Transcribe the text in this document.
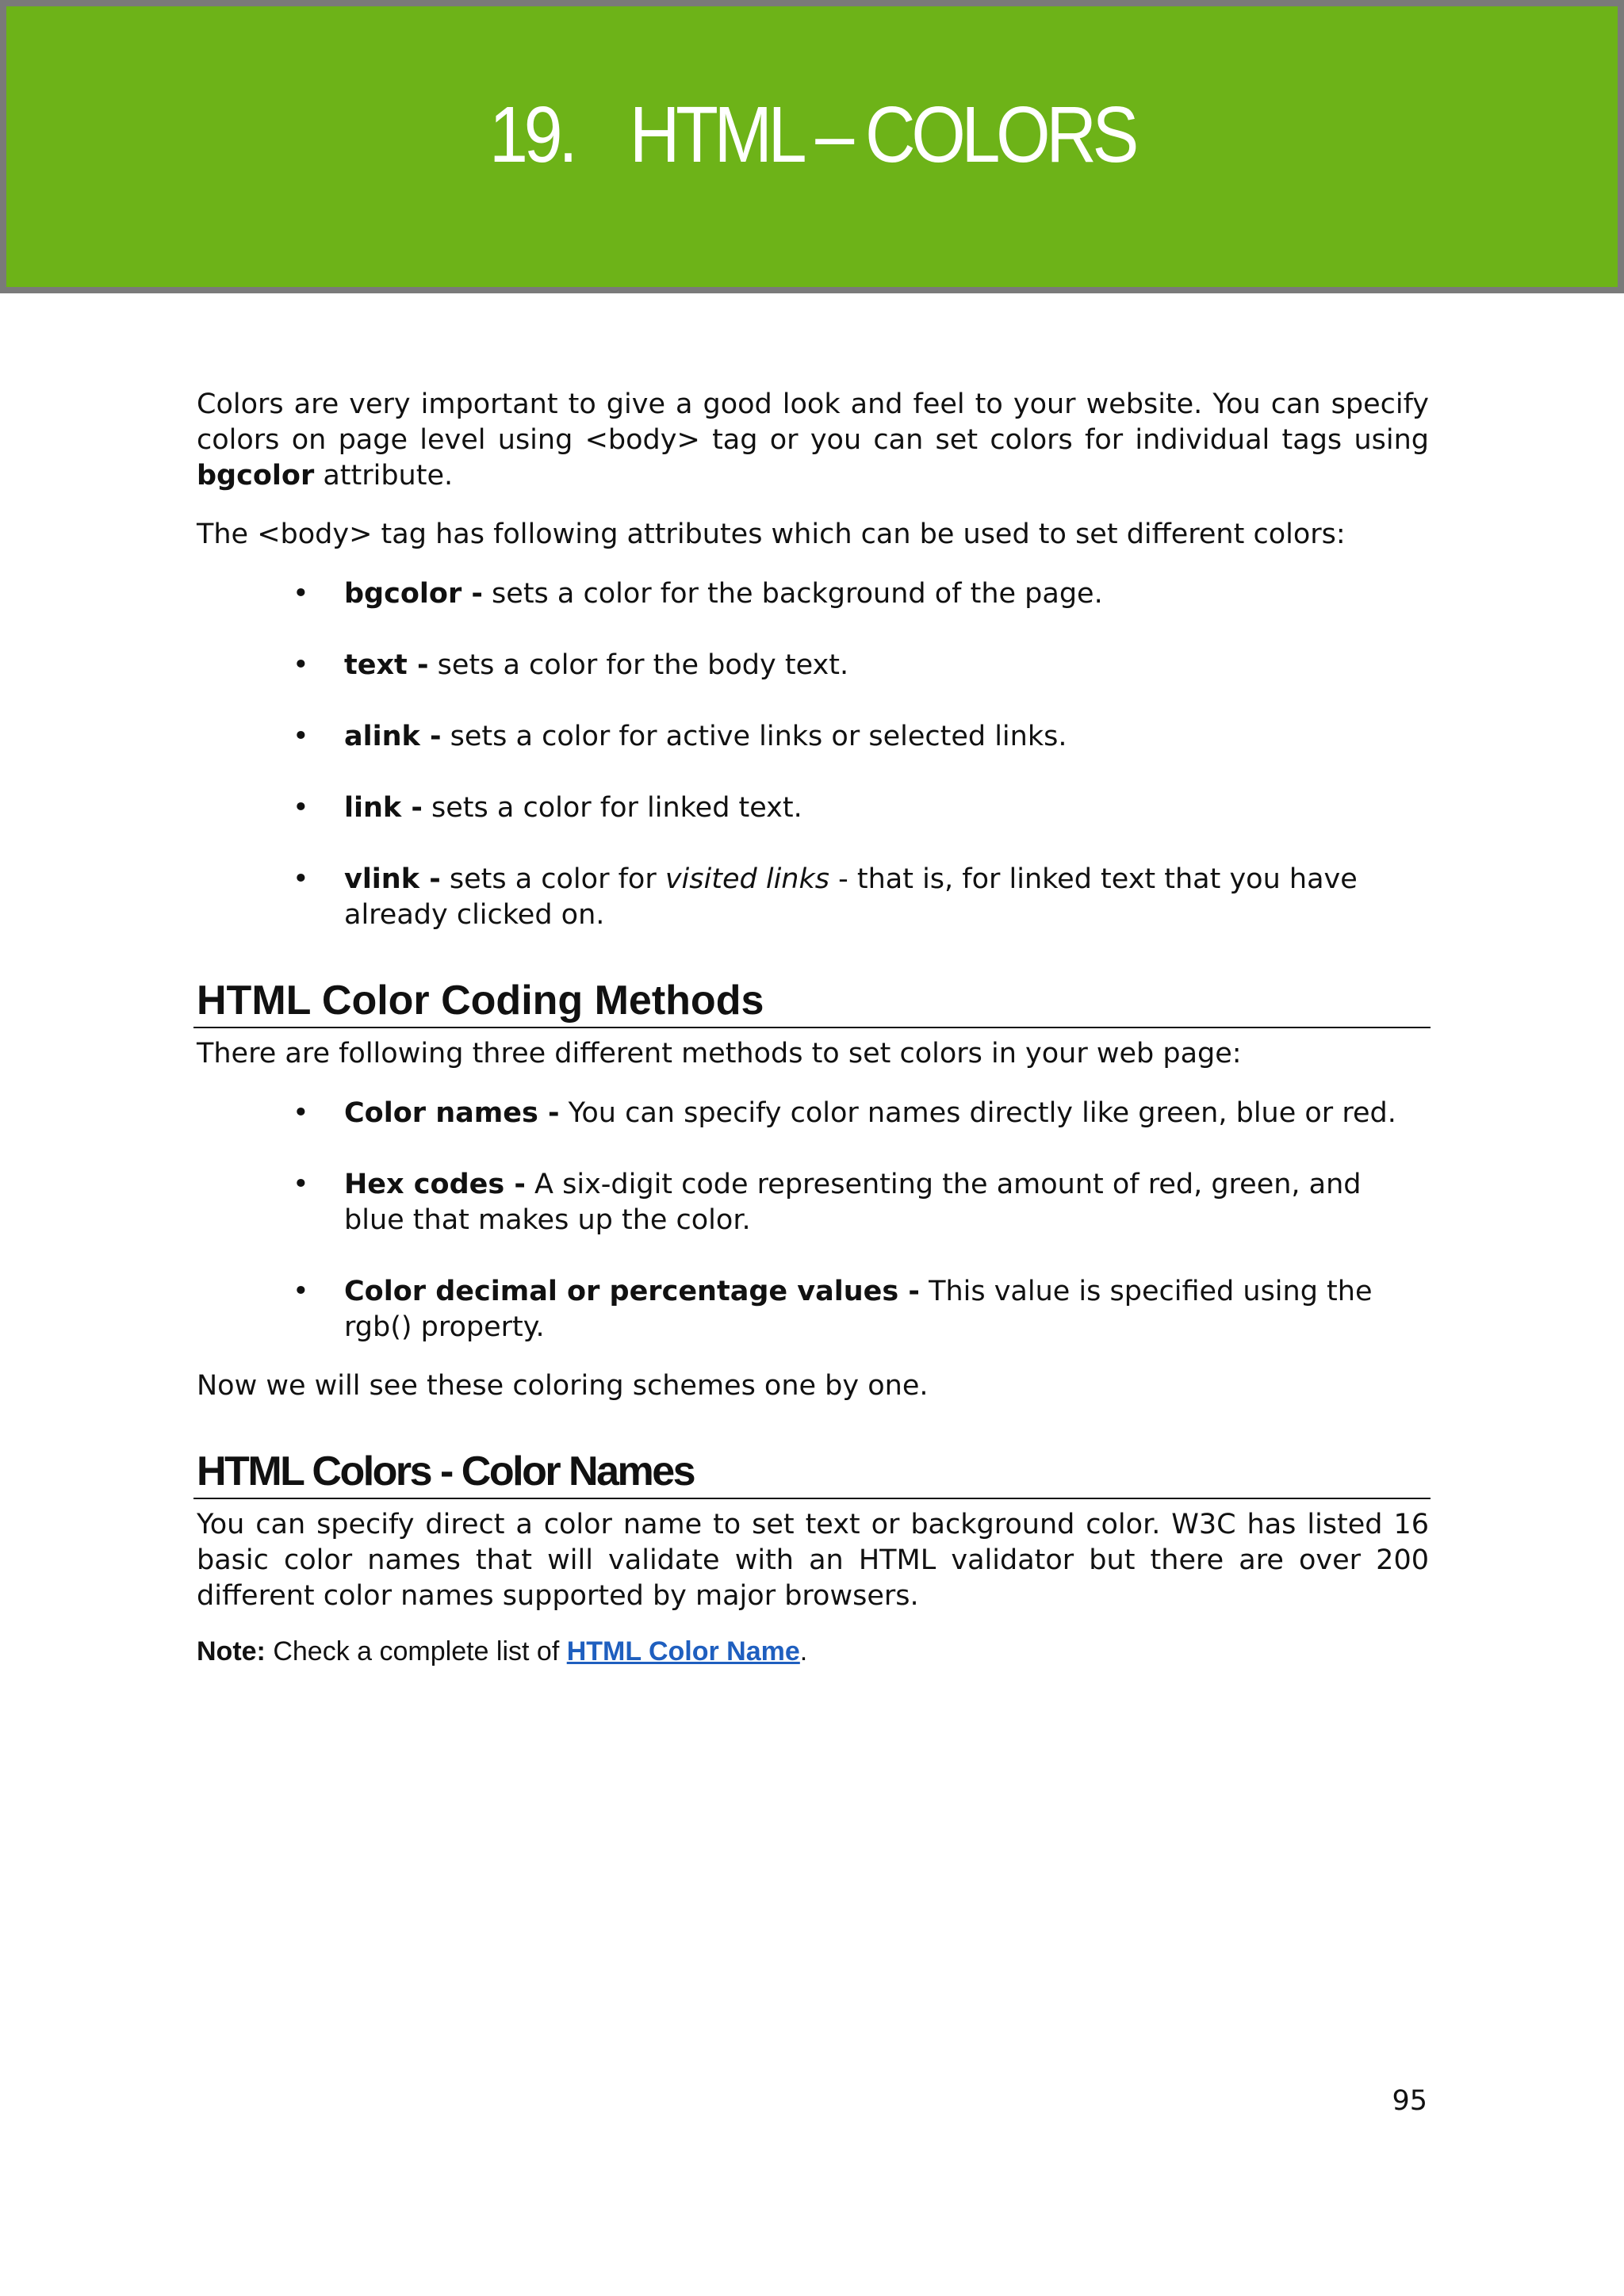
19. HTML – COLORS

Colors are very important to give a good look and feel to your website. You can specify colors on page level using <body> tag or you can set colors for individual tags using bgcolor attribute.

The <body> tag has following attributes which can be used to set different colors:

• bgcolor - sets a color for the background of the page.
• text - sets a color for the body text.
• alink - sets a color for active links or selected links.
• link - sets a color for linked text.
• vlink - sets a color for visited links - that is, for linked text that you have already clicked on.
HTML Color Coding Methods

There are following three different methods to set colors in your web page:

• Color names - You can specify color names directly like green, blue or red.
• Hex codes - A six-digit code representing the amount of red, green, and blue that makes up the color.
• Color decimal or percentage values - This value is specified using the rgb() property.

Now we will see these coloring schemes one by one.

HTML Colors - Color Names

You can specify direct a color name to set text or background color. W3C has listed 16 basic color names that will validate with an HTML validator but there are over 200 different color names supported by major browsers.

Note: Check a complete list of HTML Color Name.

95
